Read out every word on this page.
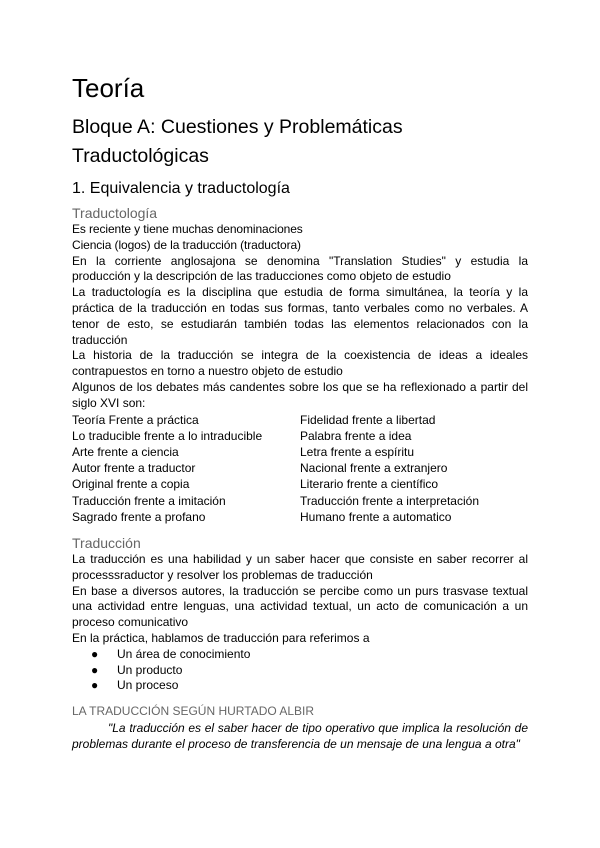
Teoría
Bloque A: Cuestiones y Problemáticas Traductológicas
1. Equivalencia y traductología
Traductología

Es reciente y tiene muchas denominaciones

Ciencia (logos) de la traducción (traductora)

En la corriente anglosajona se denomina "Translation Studies" y estudia la producción y la descripción de las traducciones como objeto de estudio

La traductología es la disciplina que estudia de forma simultánea, la teoría y la práctica de la traducción en todas sus formas, tanto verbales como no verbales. A tenor de esto, se estudiarán también todas las elementos relacionados con la traducción

La historia de la traducción se integra de la coexistencia de ideas a ideales contrapuestos en torno a nuestro objeto de estudio

Algunos de los debates más candentes sobre los que se ha reflexionado a partir del siglo XVI son:

Teoría Frente a práctica
Lo traducible frente a lo intraducible
Arte frente a ciencia
Autor frente a traductor
Original frente a copia
Traducción frente a imitación
Sagrado frente a profano
Fidelidad frente a libertad
Palabra frente a idea
Letra frente a espíritu
Nacional frente a extranjero
Literario frente a científico
Traducción frente a interpretación
Humano frente a automatico
Traducción

La traducción es una habilidad y un saber hacer que consiste en saber recorrer al processsraductor y resolver los problemas de traducción

En base a diversos autores, la traducción se percibe como un purs trasvase textual una actividad entre lenguas, una actividad textual, un acto de comunicación a un proceso comunicativo

En la práctica, hablamos de traducción para referimos a

● Un área de conocimiento
● Un producto
● Un proceso
LA TRADUCCIÓN SEGÚN HURTADO ALBIR

"La traducción es el saber hacer de tipo operativo que implica la resolución de problemas durante el proceso de transferencia de un mensaje de una lengua a otra"
